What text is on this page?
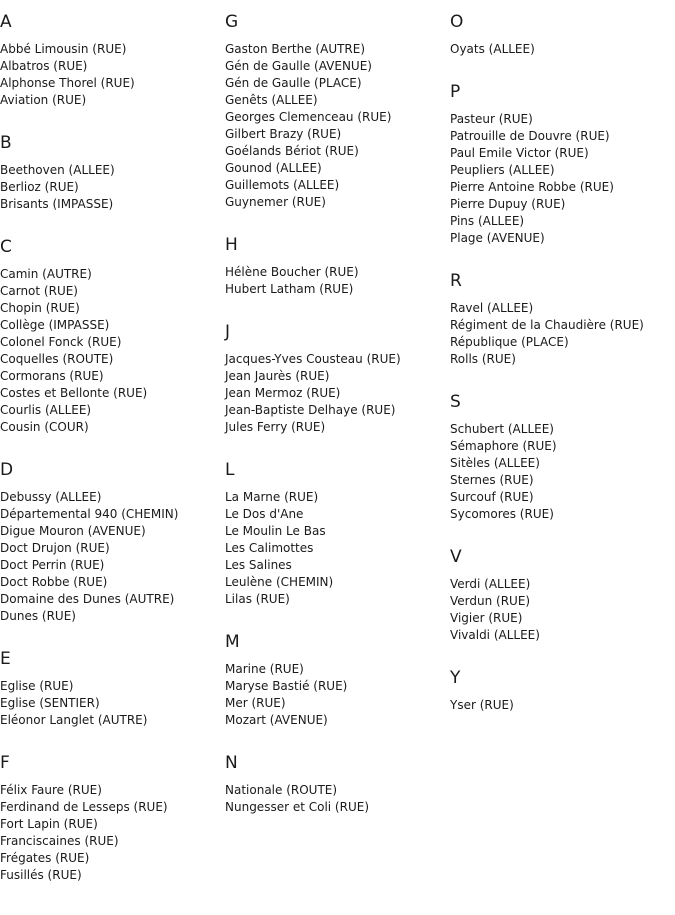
A
Abbé Limousin (RUE)
Albatros (RUE)
Alphonse Thorel (RUE)
Aviation (RUE)
B
Beethoven (ALLEE)
Berlioz (RUE)
Brisants (IMPASSE)
C
Camin (AUTRE)
Carnot (RUE)
Chopin (RUE)
Collège (IMPASSE)
Colonel Fonck (RUE)
Coquelles (ROUTE)
Cormorans (RUE)
Costes et Bellonte (RUE)
Courlis (ALLEE)
Cousin (COUR)
D
Debussy (ALLEE)
Départemental 940 (CHEMIN)
Digue Mouron (AVENUE)
Doct Drujon (RUE)
Doct Perrin (RUE)
Doct Robbe (RUE)
Domaine des Dunes (AUTRE)
Dunes (RUE)
E
Eglise (RUE)
Eglise (SENTIER)
Eléonor Langlet (AUTRE)
F
Félix Faure (RUE)
Ferdinand de Lesseps (RUE)
Fort Lapin (RUE)
Franciscaines (RUE)
Frégates (RUE)
Fusillés (RUE)
G
Gaston Berthe (AUTRE)
Gén de Gaulle (AVENUE)
Gén de Gaulle (PLACE)
Genêts (ALLEE)
Georges Clemenceau (RUE)
Gilbert Brazy (RUE)
Goélands Bériot (RUE)
Gounod (ALLEE)
Guillemots (ALLEE)
Guynemer (RUE)
H
Hélène Boucher (RUE)
Hubert Latham (RUE)
J
Jacques-Yves Cousteau (RUE)
Jean Jaurès (RUE)
Jean Mermoz (RUE)
Jean-Baptiste Delhaye (RUE)
Jules Ferry (RUE)
L
La Marne (RUE)
Le Dos d'Ane
Le Moulin Le Bas
Les Calimottes
Les Salines
Leulène (CHEMIN)
Lilas (RUE)
M
Marine (RUE)
Maryse Bastié (RUE)
Mer (RUE)
Mozart (AVENUE)
N
Nationale (ROUTE)
Nungesser et Coli (RUE)
O
Oyats (ALLEE)
P
Pasteur (RUE)
Patrouille de Douvre (RUE)
Paul Emile Victor (RUE)
Peupliers (ALLEE)
Pierre Antoine Robbe (RUE)
Pierre Dupuy (RUE)
Pins (ALLEE)
Plage (AVENUE)
R
Ravel (ALLEE)
Régiment de la Chaudière (RUE)
République (PLACE)
Rolls (RUE)
S
Schubert (ALLEE)
Sémaphore (RUE)
Sitèles (ALLEE)
Sternes (RUE)
Surcouf (RUE)
Sycomores (RUE)
V
Verdi (ALLEE)
Verdun (RUE)
Vigier (RUE)
Vivaldi (ALLEE)
Y
Yser (RUE)
